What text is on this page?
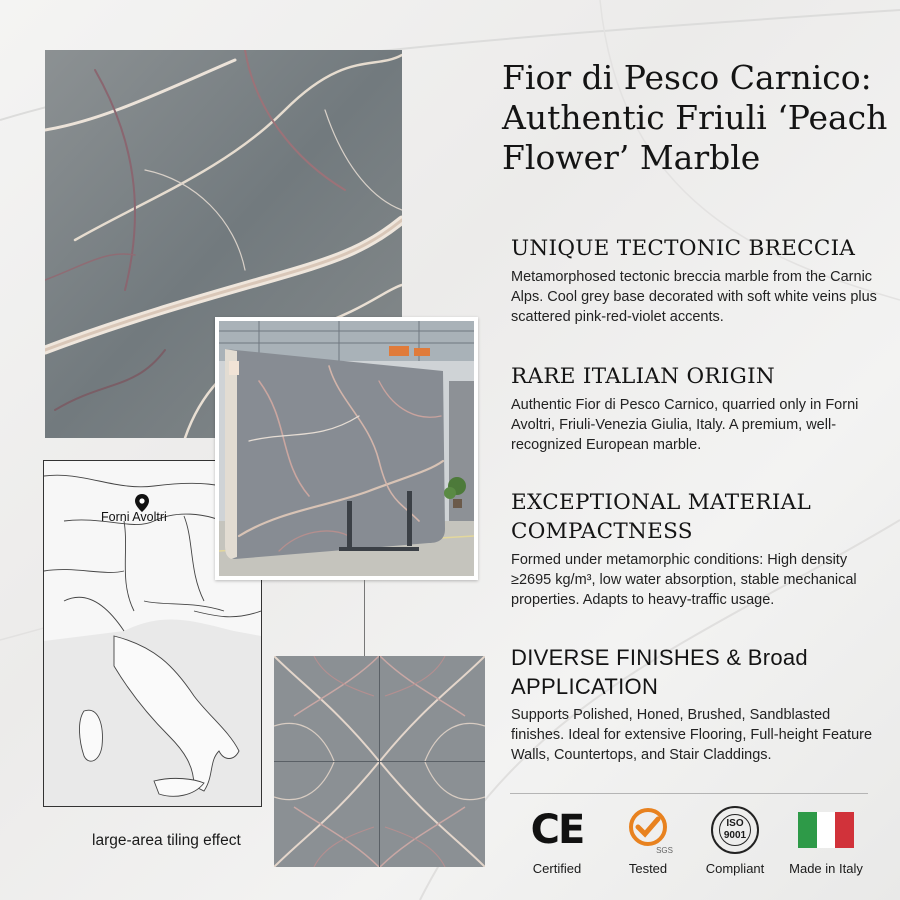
Forni Avoltri
large-area tiling effect
Fior di Pesco Carnico: Authentic Friuli ‘Peach Flower’ Marble
UNIQUE TECTONIC BRECCIA

Metamorphosed tectonic breccia marble from the Carnic Alps. Cool grey base decorated with soft white veins plus scattered pink-red-violet accents.

RARE ITALIAN ORIGIN

Authentic Fior di Pesco Carnico, quarried only in Forni Avoltri, Friuli-Venezia Giulia, Italy. A premium, well-recognized European marble.

EXCEPTIONAL MATERIAL COMPACTNESS

Formed under metamorphic conditions: High density ≥2695 kg/m³, low water absorption, stable mechanical properties. Adapts to heavy-traffic usage.

DIVERSE FINISHES & Broad APPLICATION

Supports Polished, Honed, Brushed, Sandblasted finishes. Ideal for extensive Flooring, Full-height Feature Walls, Countertops, and Stair Claddings.

CE
Certified
SGS
Tested
ISO
9001
Compliant	Made in Italy
